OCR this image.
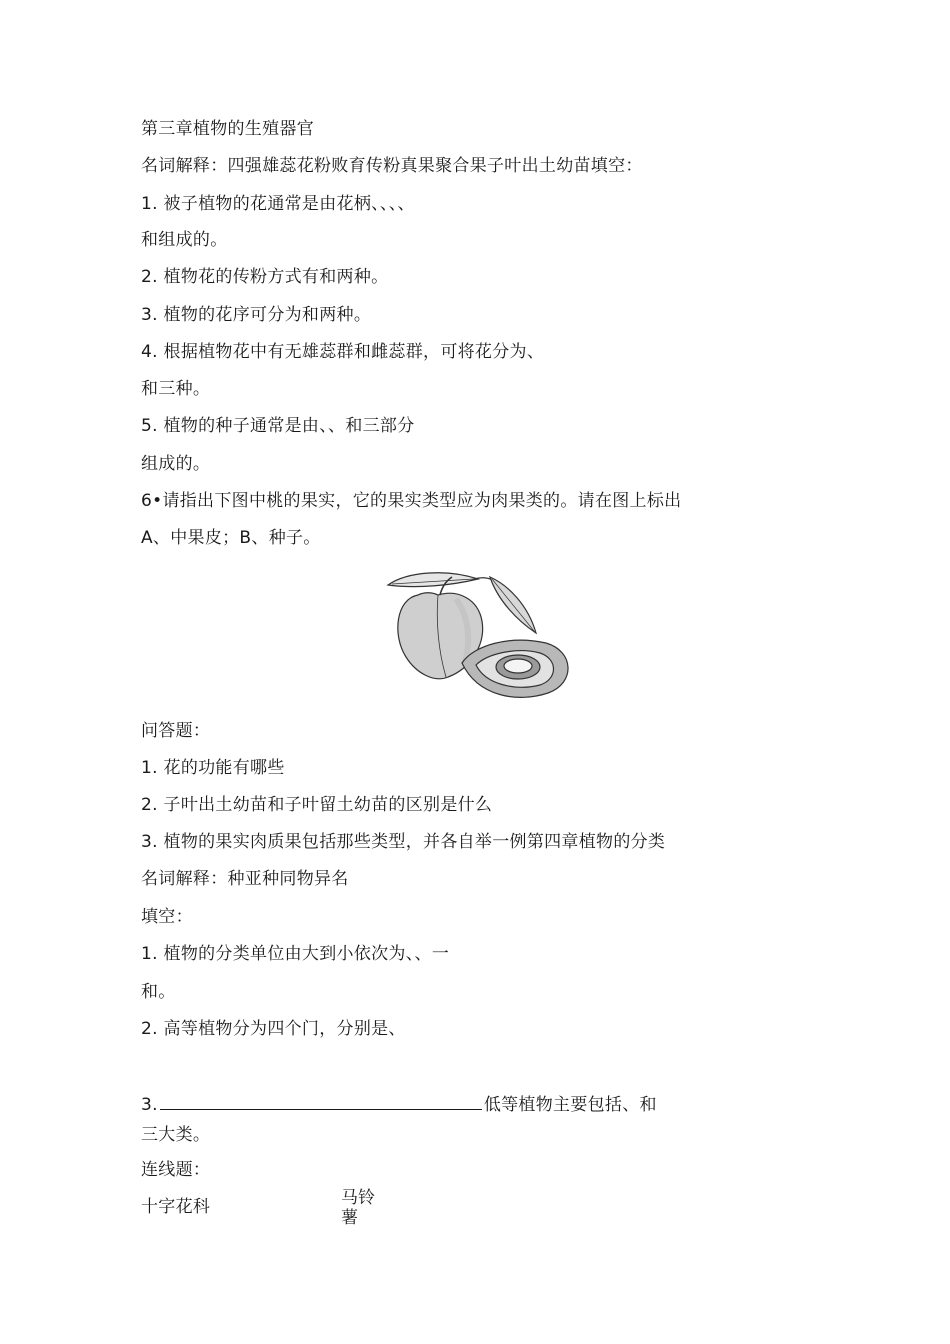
第三章植物的生殖器官
名词解释：四强雄蕊花粉败育传粉真果聚合果子叶出土幼苗填空：
1. 被子植物的花通常是由花柄、、、、
和组成的。
2. 植物花的传粉方式有和两种。
3. 植物的花序可分为和两种。
4. 根据植物花中有无雄蕊群和雌蕊群，可将花分为、
和三种。
5. 植物的种子通常是由、、和三部分
组成的。
6•请指出下图中桃的果实，它的果实类型应为肉果类的。请在图上标出
A、中果皮；B、种子。
问答题：
1. 花的功能有哪些
2. 子叶出土幼苗和子叶留土幼苗的区别是什么
3. 植物的果实肉质果包括那些类型，并各自举一例第四章植物的分类
名词解释：种亚种同物异名
填空：
1. 植物的分类单位由大到小依次为、、一
和。
2. 高等植物分为四个门，分别是、
3.	低等植物主要包括、和
三大类。
连线题：
十字花科	马铃薯
